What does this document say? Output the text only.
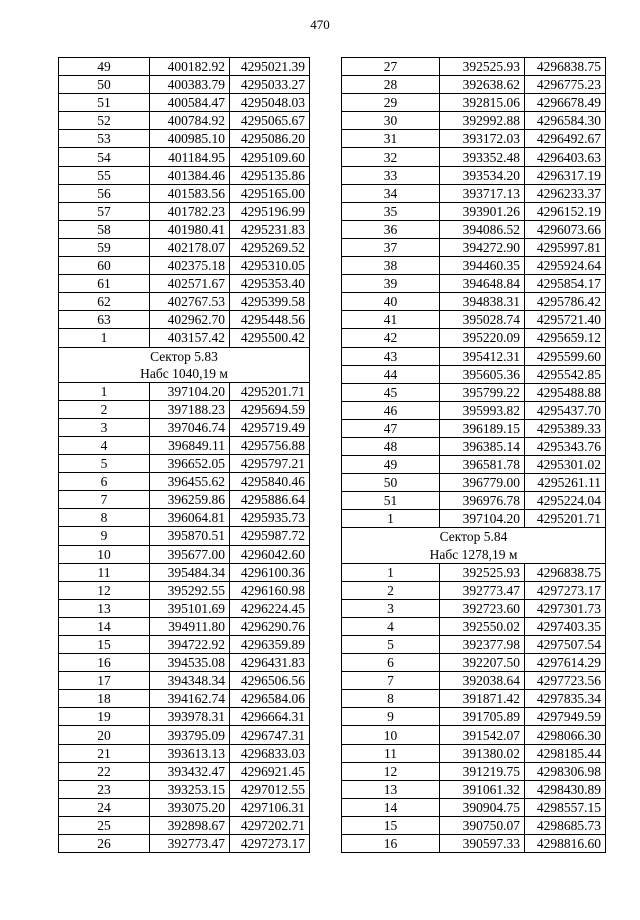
470
49	400182.92	4295021.39
50	400383.79	4295033.27
51	400584.47	4295048.03
52	400784.92	4295065.67
53	400985.10	4295086.20
54	401184.95	4295109.60
55	401384.46	4295135.86
56	401583.56	4295165.00
57	401782.23	4295196.99
58	401980.41	4295231.83
59	402178.07	4295269.52
60	402375.18	4295310.05
61	402571.67	4295353.40
62	402767.53	4295399.58
63	402962.70	4295448.56
1	403157.42	4295500.42
Сектор 5.83		
Набс 1040,19 м		
1	397104.20	4295201.71
2	397188.23	4295694.59
3	397046.74	4295719.49
4	396849.11	4295756.88
5	396652.05	4295797.21
6	396455.62	4295840.46
7	396259.86	4295886.64
8	396064.81	4295935.73
9	395870.51	4295987.72
10	395677.00	4296042.60
11	395484.34	4296100.36
12	395292.55	4296160.98
13	395101.69	4296224.45
14	394911.80	4296290.76
15	394722.92	4296359.89
16	394535.08	4296431.83
17	394348.34	4296506.56
18	394162.74	4296584.06
19	393978.31	4296664.31
20	393795.09	4296747.31
21	393613.13	4296833.03
22	393432.47	4296921.45
23	393253.15	4297012.55
24	393075.20	4297106.31
25	392898.67	4297202.71
26	392773.47	4297273.17
27	392525.93	4296838.75
28	392638.62	4296775.23
29	392815.06	4296678.49
30	392992.88	4296584.30
31	393172.03	4296492.67
32	393352.48	4296403.63
33	393534.20	4296317.19
34	393717.13	4296233.37
35	393901.26	4296152.19
36	394086.52	4296073.66
37	394272.90	4295997.81
38	394460.35	4295924.64
39	394648.84	4295854.17
40	394838.31	4295786.42
41	395028.74	4295721.40
42	395220.09	4295659.12
43	395412.31	4295599.60
44	395605.36	4295542.85
45	395799.22	4295488.88
46	395993.82	4295437.70
47	396189.15	4295389.33
48	396385.14	4295343.76
49	396581.78	4295301.02
50	396779.00	4295261.11
51	396976.78	4295224.04
1	397104.20	4295201.71
Сектор 5.84		
Набс 1278,19 м		
1	392525.93	4296838.75
2	392773.47	4297273.17
3	392723.60	4297301.73
4	392550.02	4297403.35
5	392377.98	4297507.54
6	392207.50	4297614.29
7	392038.64	4297723.56
8	391871.42	4297835.34
9	391705.89	4297949.59
10	391542.07	4298066.30
11	391380.02	4298185.44
12	391219.75	4298306.98
13	391061.32	4298430.89
14	390904.75	4298557.15
15	390750.07	4298685.73
16	390597.33	4298816.60
